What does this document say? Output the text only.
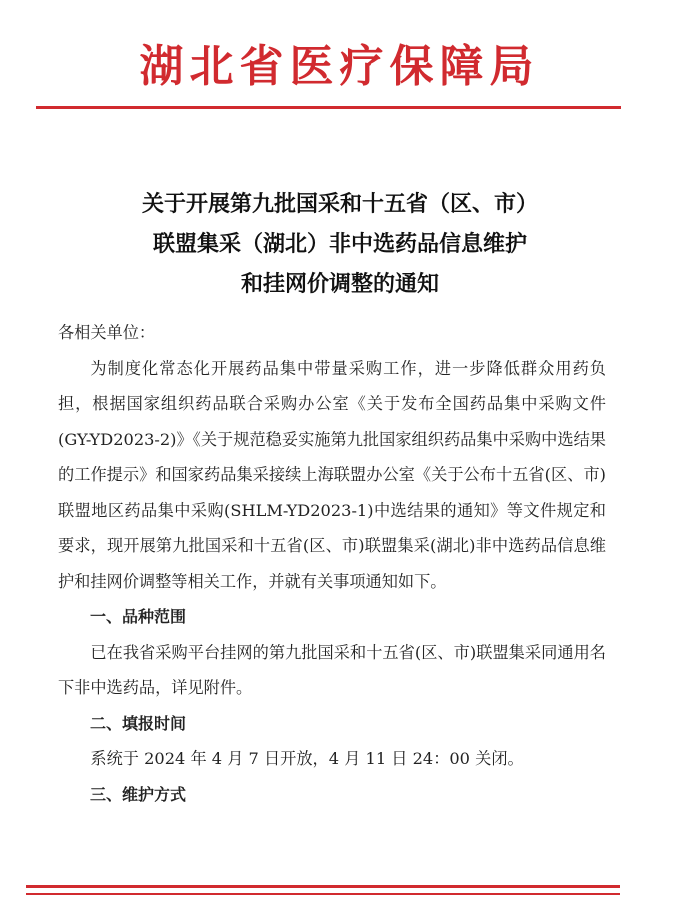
湖北省医疗保障局
关于开展第九批国采和十五省（区、市）
联盟集采（湖北）非中选药品信息维护
和挂网价调整的通知

各相关单位：

为制度化常态化开展药品集中带量采购工作，进一步降低群众用药负担，根据国家组织药品联合采购办公室《关于发布全国药品集中采购文件(GY-YD2023-2)》《关于规范稳妥实施第九批国家组织药品集中采购中选结果的工作提示》和国家药品集采接续上海联盟办公室《关于公布十五省(区、市)联盟地区药品集中采购(SHLM-YD2023-1)中选结果的通知》等文件规定和要求，现开展第九批国采和十五省(区、市)联盟集采(湖北)非中选药品信息维护和挂网价调整等相关工作，并就有关事项通知如下。

一、品种范围

已在我省采购平台挂网的第九批国采和十五省(区、市)联盟集采同通用名下非中选药品，详见附件。

二、填报时间

系统于 2024 年 4 月 7 日开放，4 月 11 日 24：00 关闭。

三、维护方式
